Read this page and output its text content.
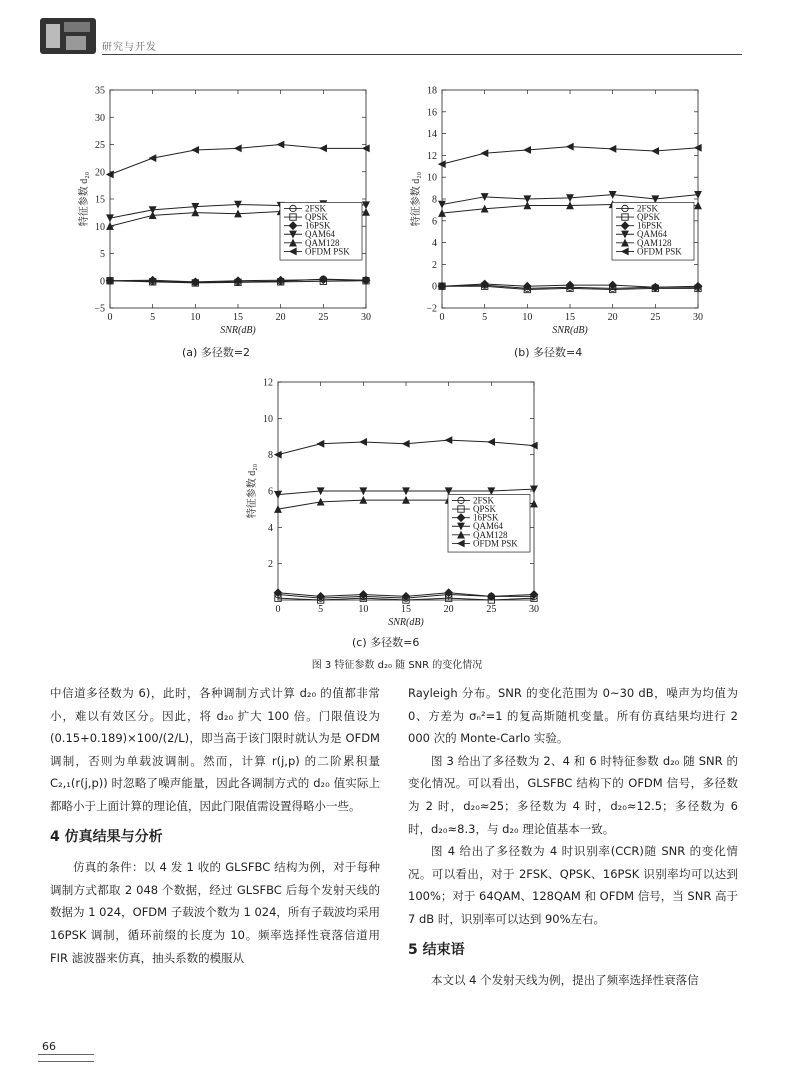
研究与开发
−5
0
5
10
15
20
25
30
35
0	5	10	15	20	25	30
SNR(dB)
特征参数 d₂₀	2FSK
QPSK
16PSK
QAM64
QAM128
OFDM PSK
(a) 多径数=2
−2
0
2
4
6
8
10
12
14
16
18
0	5	10	15	20	25	30
SNR(dB)
特征参数 d₂₀	2FSK
QPSK
16PSK
QAM64
QAM128
OFDM PSK
(b) 多径数=4
2
4
6
8
10
12
0	5	10	15	20	25	30
SNR(dB)
特征参数 d₂₀	2FSK
QPSK
16PSK
QAM64
QAM128
OFDM PSK
(c) 多径数=6
图 3 特征参数 d₂₀ 随 SNR 的变化情况

中信道多径数为 6)，此时，各种调制方式计算 d₂₀ 的值都非常小，难以有效区分。因此，将 d₂₀ 扩大 100 倍。门限值设为(0.15+0.189)×100/(2/L)，即当高于该门限时就认为是 OFDM 调制，否则为单载波调制。然而，计算 r(j,p) 的二阶累积量 C₂,₁(r(j,p)) 时忽略了噪声能量，因此各调制方式的 d₂₀ 值实际上都略小于上面计算的理论值，因此门限值需设置得略小一些。

4 仿真结果与分析

仿真的条件：以 4 发 1 收的 GLSFBC 结构为例，对于每种调制方式都取 2 048 个数据，经过 GLSFBC 后每个发射天线的数据为 1 024，OFDM 子载波个数为 1 024，所有子载波均采用 16PSK 调制，循环前缀的长度为 10。频率选择性衰落信道用 FIR 滤波器来仿真，抽头系数的模服从

Rayleigh 分布。SNR 的变化范围为 0~30 dB，噪声为均值为 0、方差为 σₙ²=1 的复高斯随机变量。所有仿真结果均进行 2 000 次的 Monte-Carlo 实验。

图 3 给出了多径数为 2、4 和 6 时特征参数 d₂₀ 随 SNR 的变化情况。可以看出，GLSFBC 结构下的 OFDM 信号，多径数为 2 时，d₂₀≈25；多径数为 4 时，d₂₀≈12.5；多径数为 6 时，d₂₀≈8.3，与 d₂₀ 理论值基本一致。

图 4 给出了多径数为 4 时识别率(CCR)随 SNR 的变化情况。可以看出，对于 2FSK、QPSK、16PSK 识别率均可以达到 100%；对于 64QAM、128QAM 和 OFDM 信号，当 SNR 高于 7 dB 时，识别率可以达到 90%左右。

5 结束语

本文以 4 个发射天线为例，提出了频率选择性衰落信

66
